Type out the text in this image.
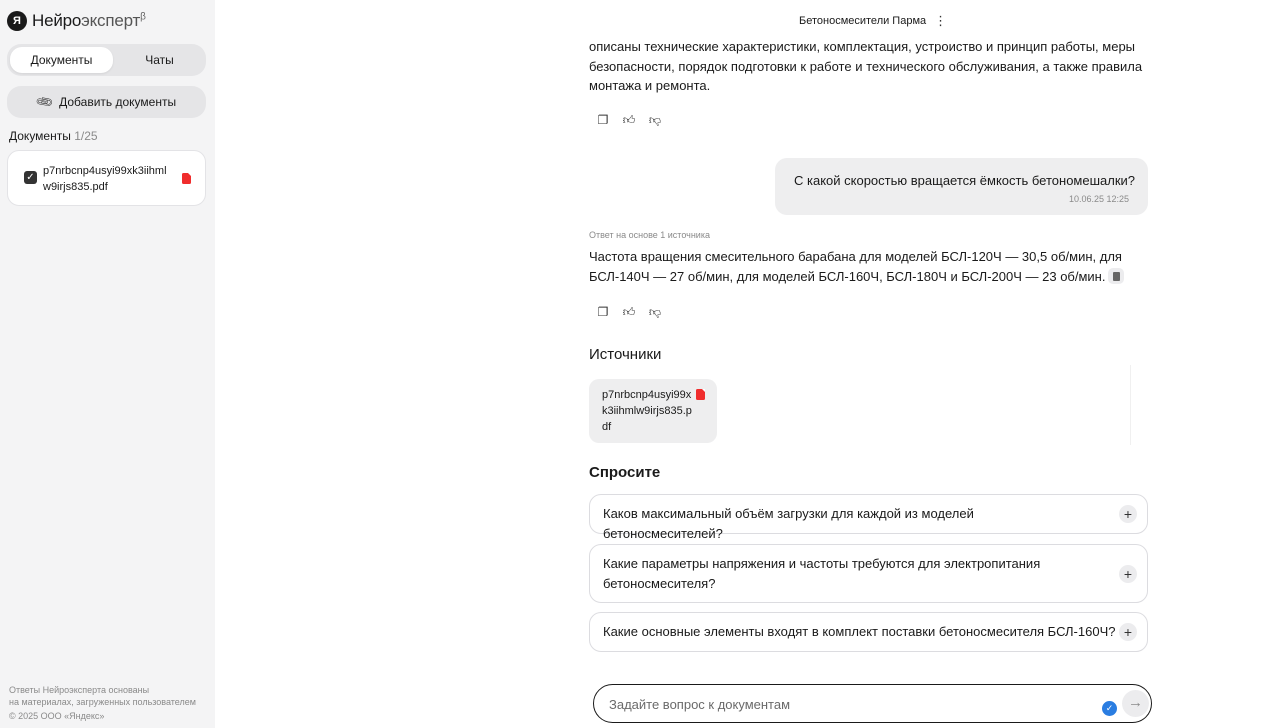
Я Нейроэксперт$^\beta$
Документы	Чаты
📎︎ Добавить документы
Документы 1/25
✓
p7nrbcnp4usyi99xk3iihmlw9irjs835.pdf
Ответы Нейроэксперта основаны
на материалах, загруженных пользователем
© 2025 ООО «Яндекс»
Бетоносмесители Парма ⋮
описаны технические характеристики, комплектация, устроиство и принцип работы, меры безопасности, порядок подготовки к работе и технического обслуживания, а также правила монтажа и ремонта.
❐ 👍︎ 👎︎
С какой скоростью вращается ёмкость бетономешалки?
10.06.25 12:25
Ответ на основе 1 источника
Частота вращения смесительного барабана для моделей БСЛ-120Ч — 30,5 об/мин, для БСЛ-140Ч — 27 об/мин, для моделей БСЛ-160Ч, БСЛ-180Ч и БСЛ-200Ч — 23 об/мин.
❐ 👍︎ 👎︎
Источники
p7nrbcnp4usyi99xk3iihmlw9irjs835.pdf
Спросите
Каков максимальный объём загрузки для каждой из моделей бетоносмесителей?
+
Какие параметры напряжения и частоты требуются для электропитания бетоносмесителя?
+
Какие основные элементы входят в комплект поставки бетоносмесителя БСЛ-160Ч? +
Задайте вопрос к документам
✓ →
